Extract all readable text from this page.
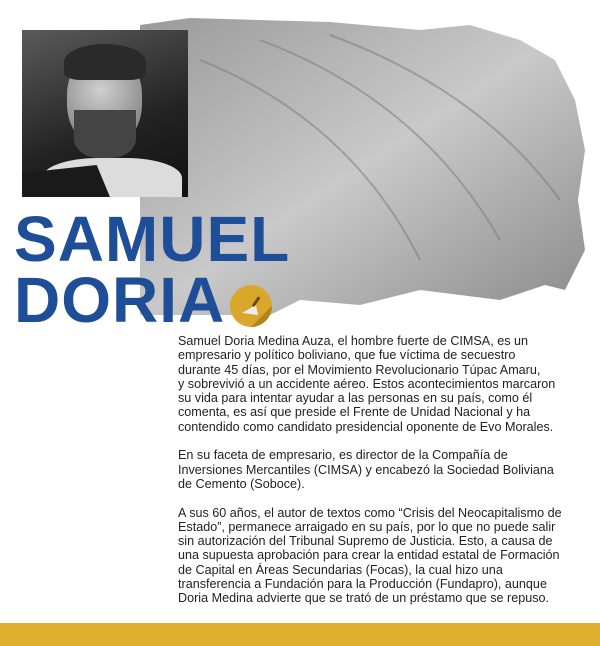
SAMUEL
DORIA

Samuel Doria Medina Auza, el hombre fuerte de CIMSA, es un
empresario y político boliviano, que fue víctima de secuestro
durante 45 días, por el Movimiento Revolucionario Túpac Amaru,
y sobrevivió a un accidente aéreo. Estos acontecimientos marcaron
su vida para intentar ayudar a las personas en su país, como él
comenta, es así que preside el Frente de Unidad Nacional y ha
contendido como candidato presidencial oponente de Evo Morales.

En su faceta de empresario, es director de la Compañía de
Inversiones Mercantiles (CIMSA) y encabezó la Sociedad Boliviana
de Cemento (Soboce).

A sus 60 años, el autor de textos como “Crisis del Neocapitalismo de
Estado”, permanece arraigado en su país, por lo que no puede salir
sin autorización del Tribunal Supremo de Justicia. Esto, a causa de
una supuesta aprobación para crear la entidad estatal de Formación
de Capital en Áreas Secundarias (Focas), la cual hizo una
transferencia a Fundación para la Producción (Fundapro), aunque
Doria Medina advierte que se trató de un préstamo que se repuso.
